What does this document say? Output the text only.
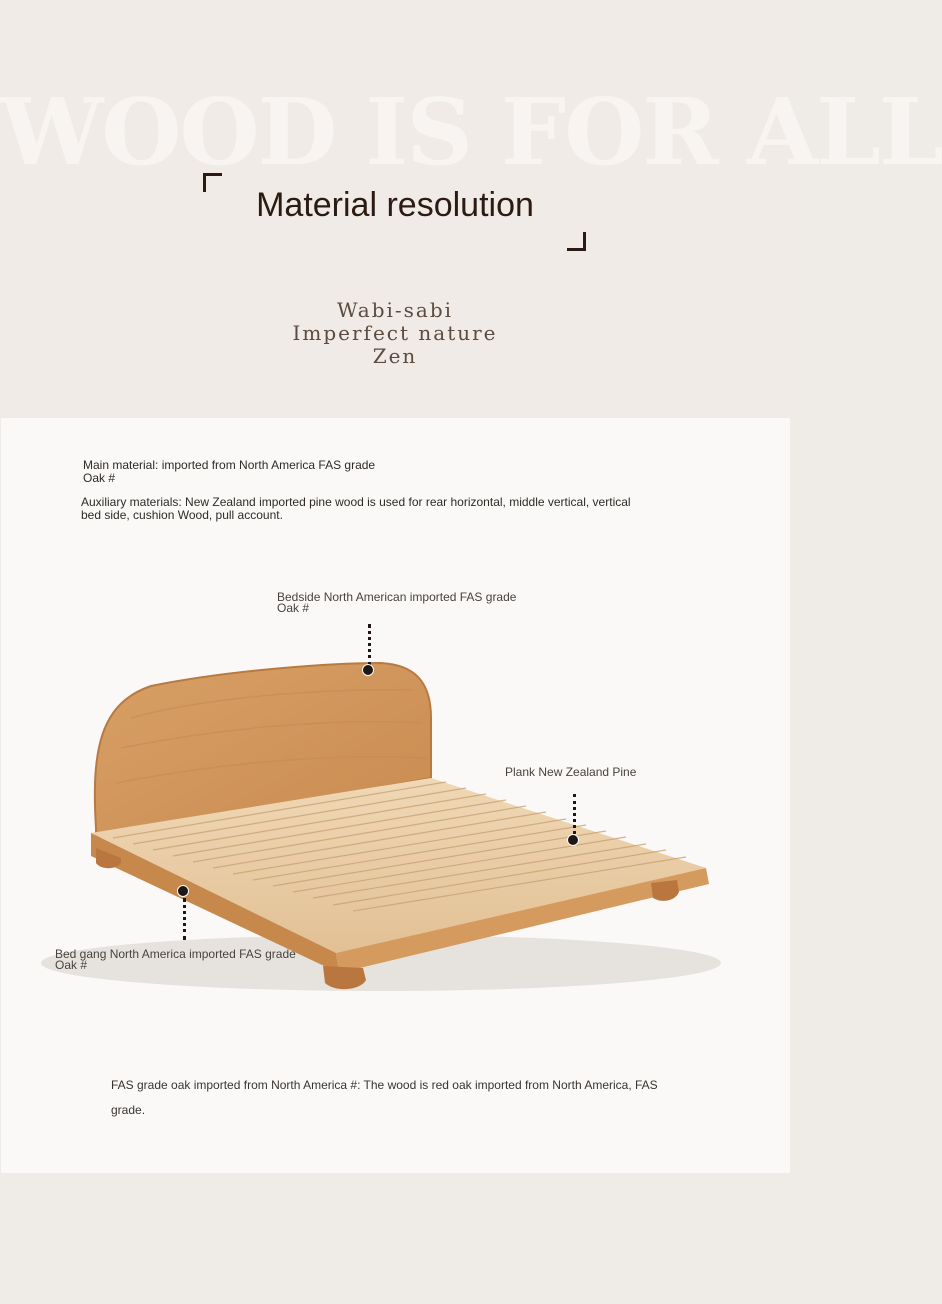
WOOD IS FOR ALL
Material resolution
Wabi-sabi
Imperfect nature
Zen
Main material: imported from North America FAS grade
Oak #
Auxiliary materials: New Zealand imported pine wood is used for rear horizontal, middle vertical, vertical
bed side, cushion Wood, pull account.
Bedside North American imported FAS grade
Oak #
Plank New Zealand Pine
Bed gang North America imported FAS grade
Oak #
FAS grade oak imported from North America #: The wood is red oak imported from North America, FAS grade.
